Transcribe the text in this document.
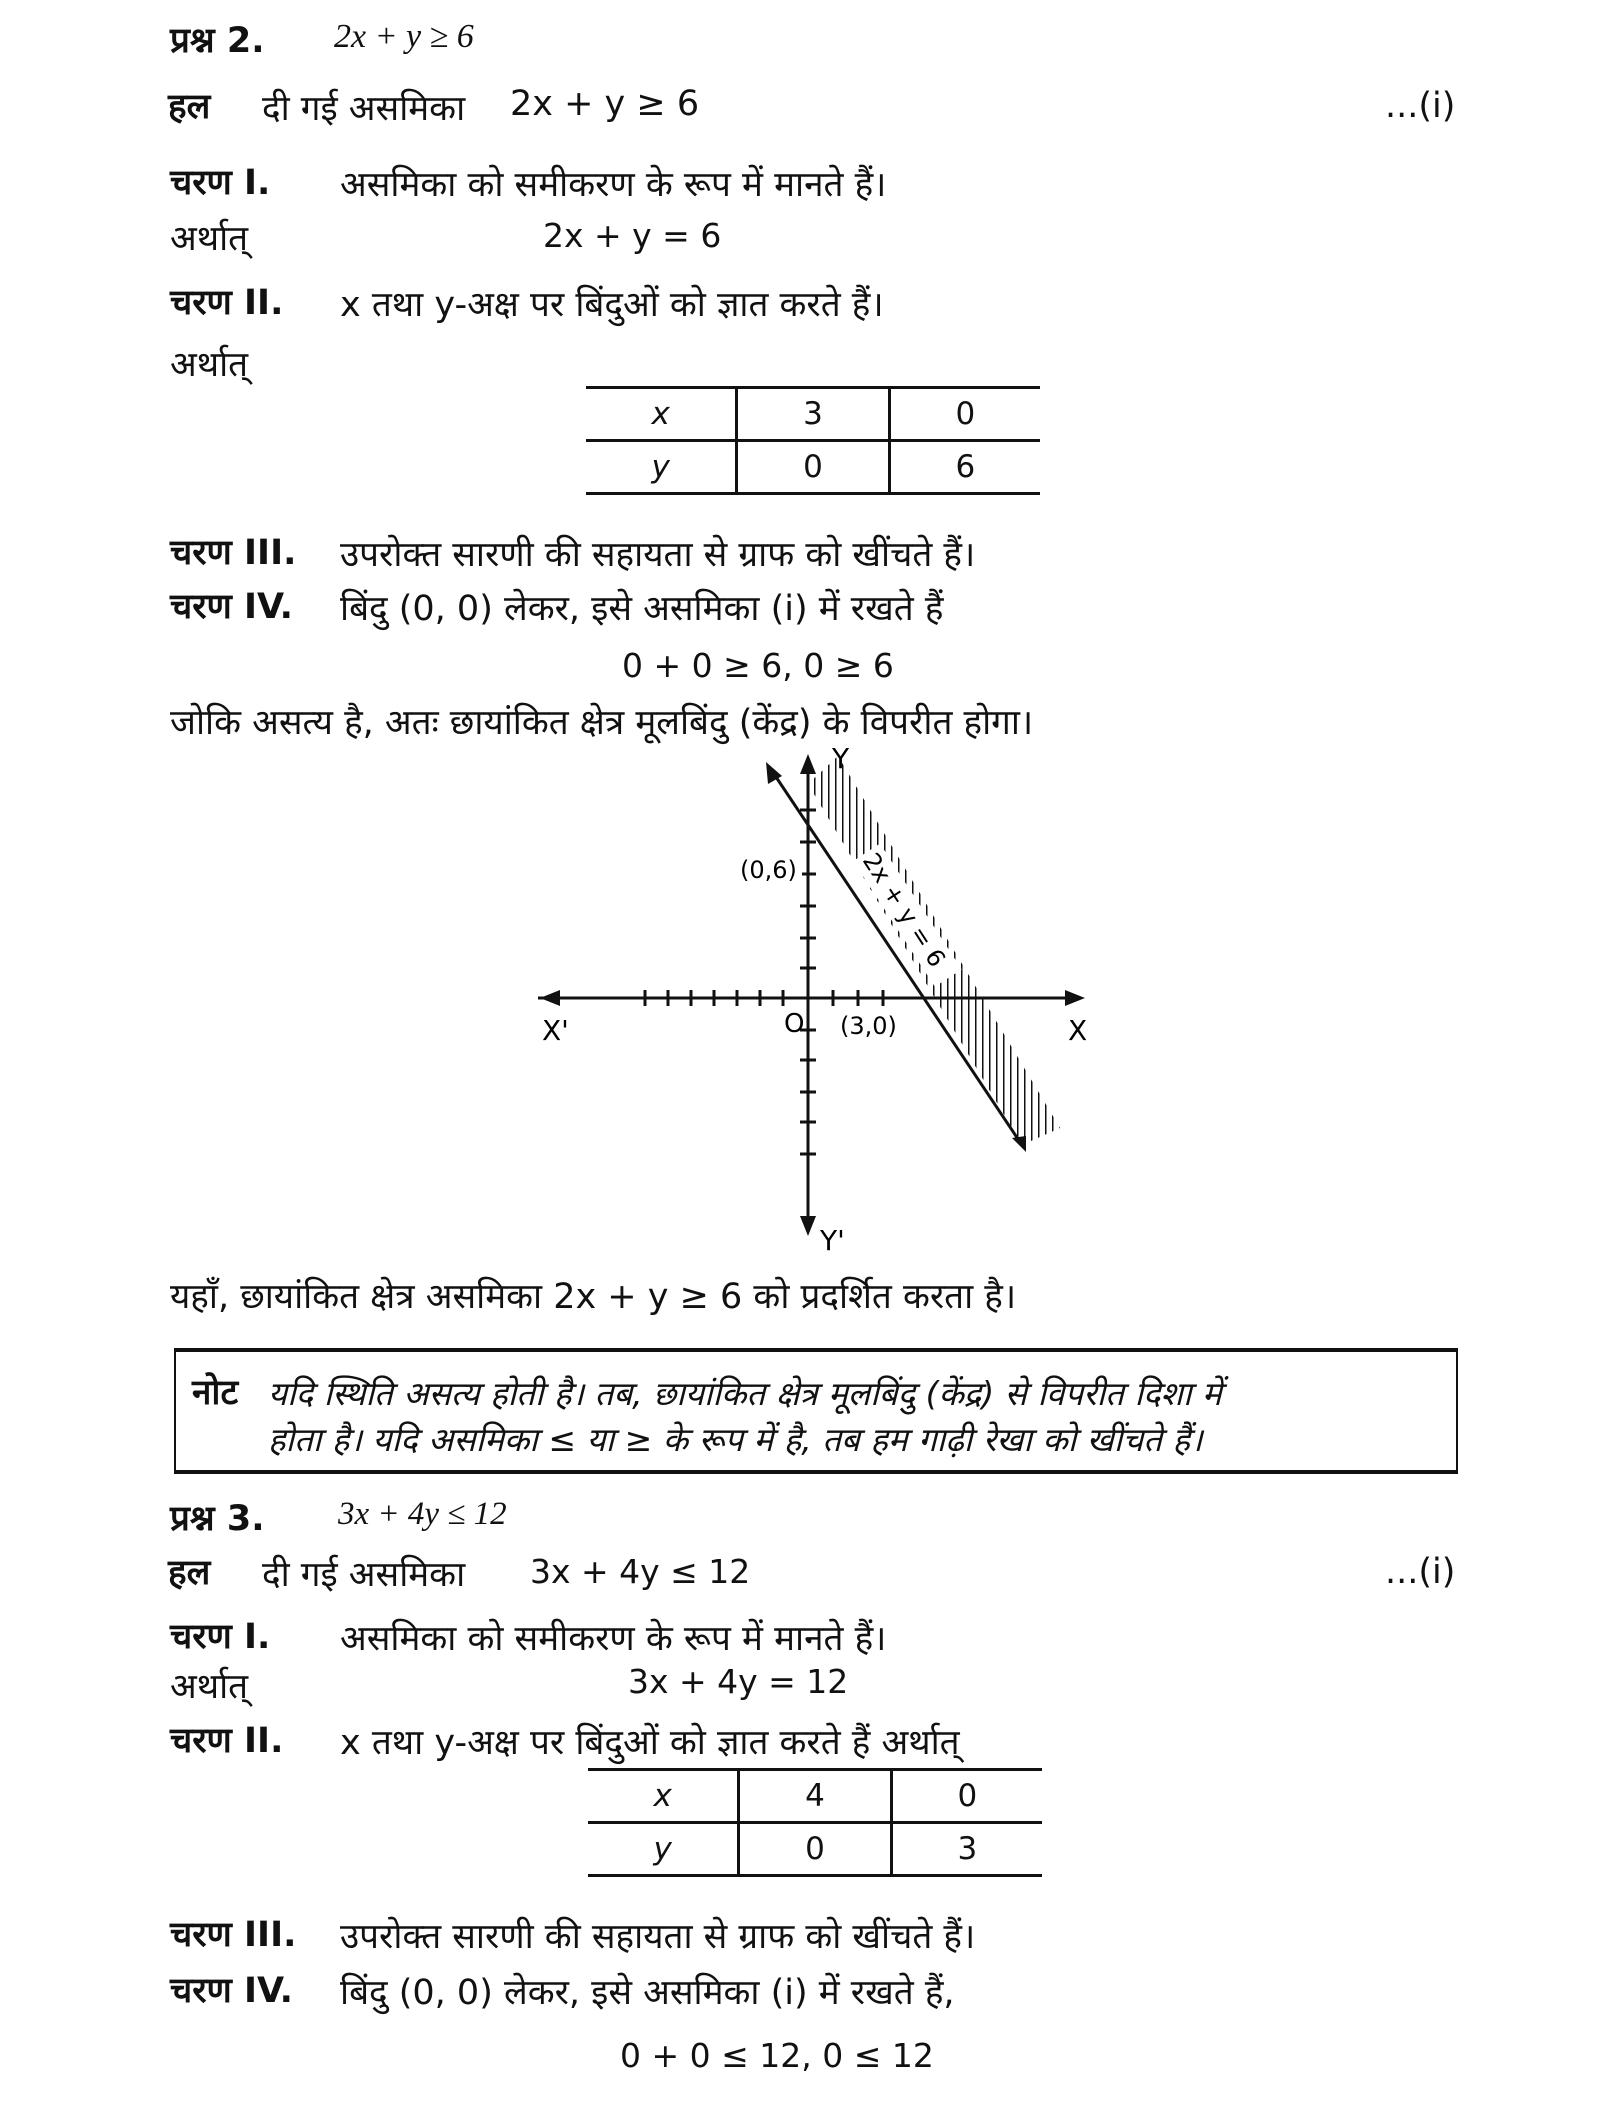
प्रश्न 2. 2x + y ≥ 6
हल दी गई असमिका 2x + y ≥ 6	...(i)
चरण I. असमिका को समीकरण के रूप में मानते हैं।
अर्थात्	2x + y = 6
चरण II. x तथा y-अक्ष पर बिंदुओं को ज्ञात करते हैं।
अर्थात्
x	3	0
y	0	6
चरण III. उपरोक्त सारणी की सहायता से ग्राफ को खींचते हैं।
चरण IV. बिंदु (0, 0) लेकर, इसे असमिका (i) में रखते हैं
0 + 0 ≥ 6, 0 ≥ 6
जोकि असत्य है, अतः छायांकित क्षेत्र मूलबिंदु (केंद्र) के विपरीत होगा।
Y
Y'
X
X'	O
(0,6)
(3,0)
2x + y = 6
यहाँ, छायांकित क्षेत्र असमिका 2x + y ≥ 6 को प्रदर्शित करता है।
नोट यदि स्थिति असत्य होती है। तब, छायांकित क्षेत्र मूलबिंदु (केंद्र) से विपरीत दिशा में
होता है। यदि असमिका ≤ या ≥ के रूप में है, तब हम गाढ़ी रेखा को खींचते हैं।
प्रश्न 3. 3x + 4y ≤ 12
हल दी गई असमिका 3x + 4y ≤ 12	...(i)
चरण I. असमिका को समीकरण के रूप में मानते हैं।
अर्थात्	3x + 4y = 12
चरण II. x तथा y-अक्ष पर बिंदुओं को ज्ञात करते हैं अर्थात्
x	4	0
y	0	3
चरण III. उपरोक्त सारणी की सहायता से ग्राफ को खींचते हैं।
चरण IV. बिंदु (0, 0) लेकर, इसे असमिका (i) में रखते हैं,
0 + 0 ≤ 12, 0 ≤ 12
